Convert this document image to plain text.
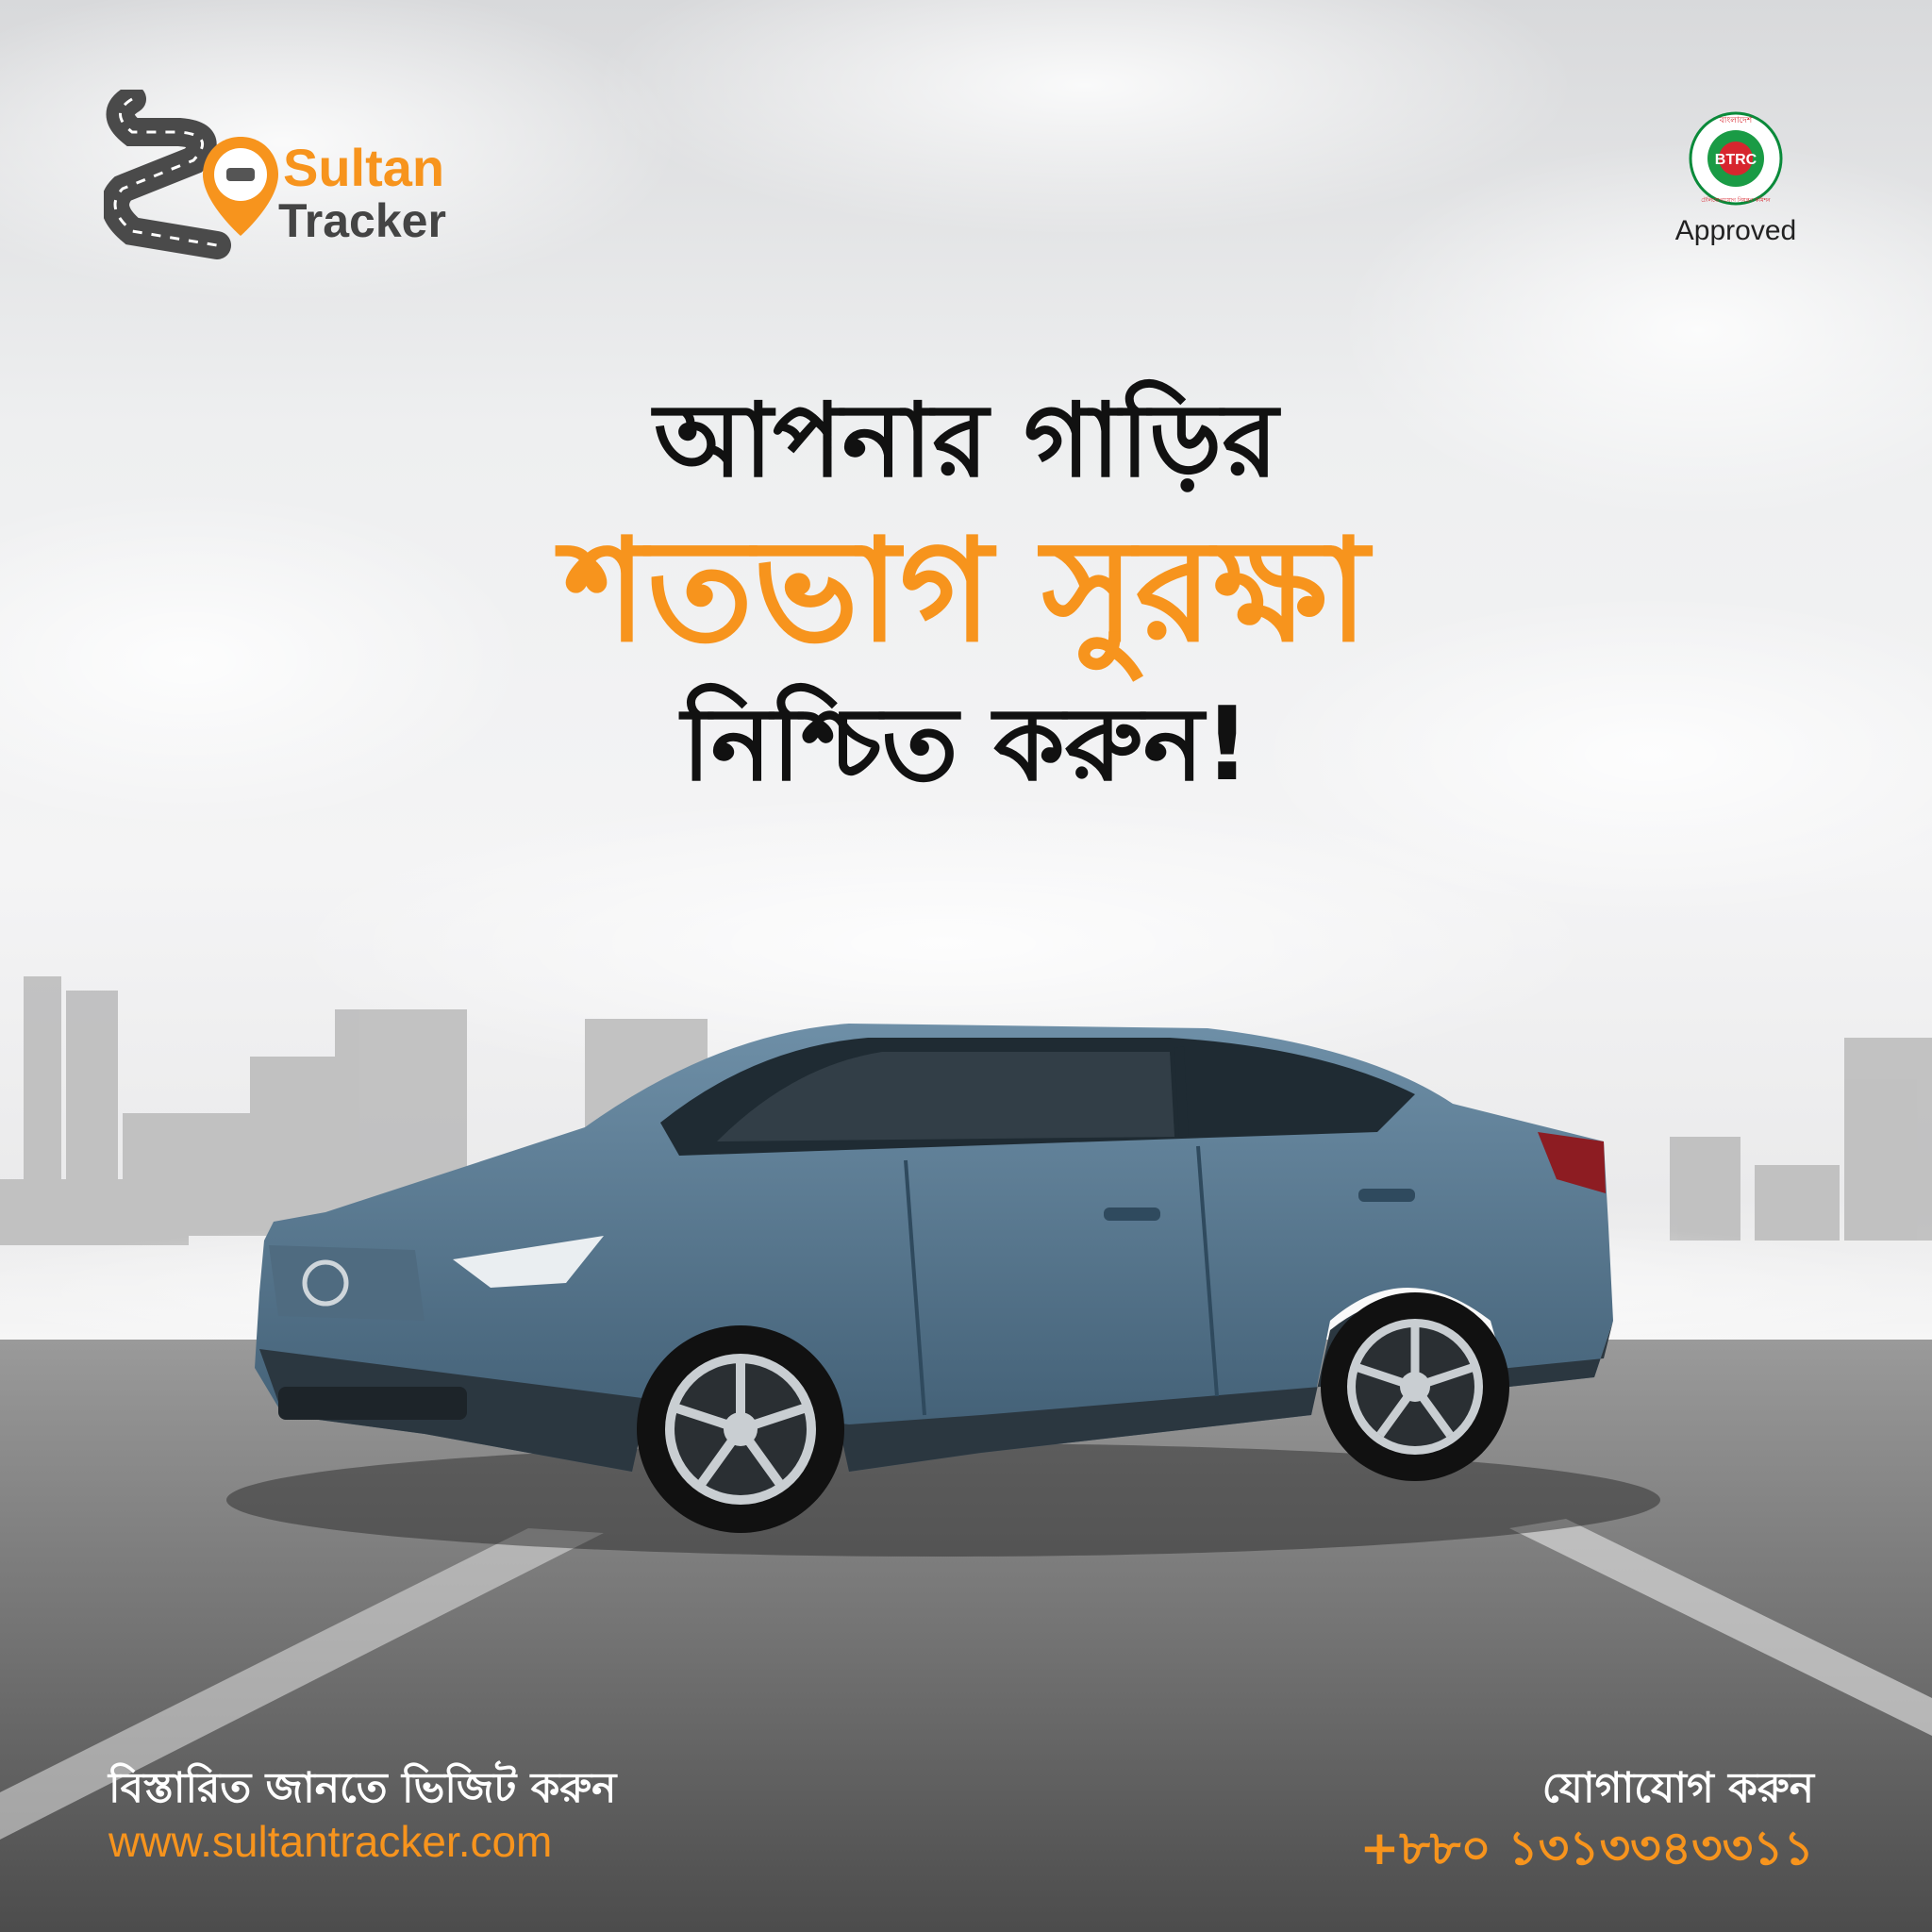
Sultan
Tracker
BTRC
বাংলাদেশ
টেলিযোগাযোগ নিয়ন্ত্রণ কমিশন
Approved
আপনার গাড়ির
শতভাগ সুরক্ষা
নিশ্চিত করুন!
বিস্তারিত জানতে ভিজিট করুন
www.sultantracker.com
যোগাযোগ করুন
+৮৮০ ১৩১৩৩৪৩৩১১
